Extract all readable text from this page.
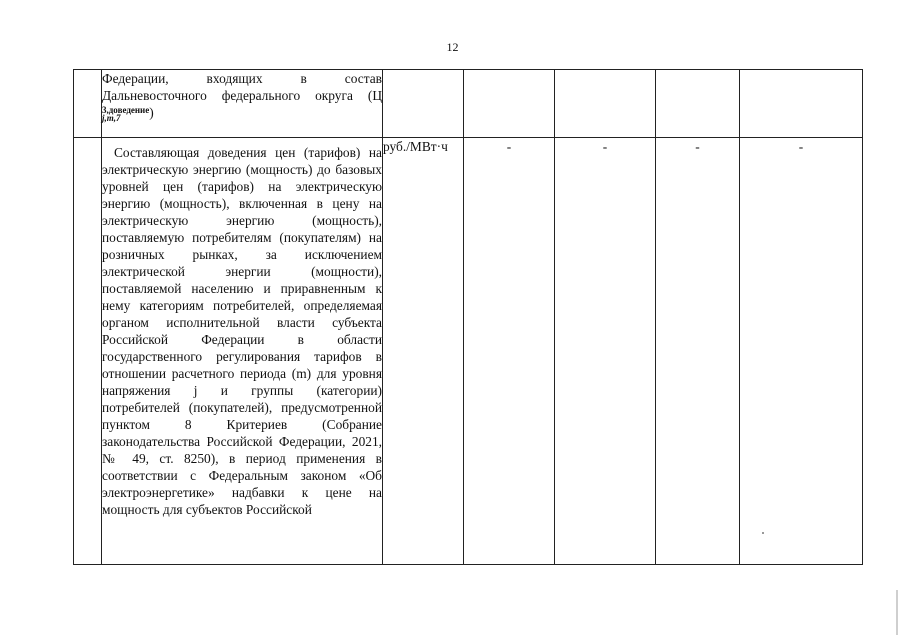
12

	Федерации, входящих в состав Дальневосточного федерального округа (Ц
3,доведение
j,m,7 )					

	Составляющая доведения цен (тарифов) на электрическую энергию (мощность) до базовых уровней цен (тарифов) на электрическую энергию (мощность), включенная в цену на электрическую энергию (мощность), поставляемую потребителям (покупателям) на розничных рынках, за исключением электрической энергии (мощности), поставляемой населению и приравненным к нему категориям потребителей, определяемая органом исполнительной власти субъекта Российской Федерации в области государственного регулирования тарифов в отношении расчетного периода (m) для уровня напряжения j и группы (категории) потребителей (покупателей), предусмотренной пунктом 8 Критериев (Собрание законодательства Российской Федерации, 2021, № 49, ст. 8250), в период применения в соответствии с Федеральным законом «Об электроэнергетике» надбавки к цене на мощность для субъектов Российской	руб./МВт·ч	-	-	-	-
